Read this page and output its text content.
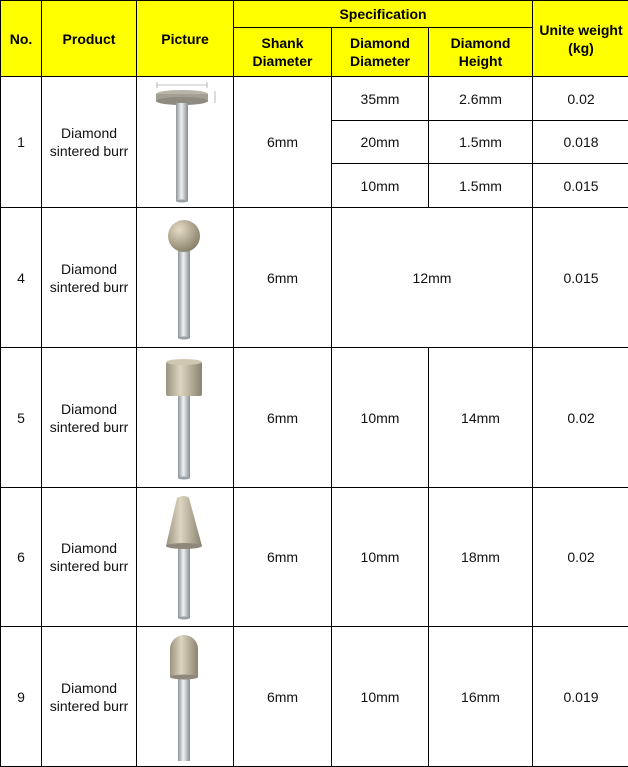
No.	Product	Picture	Specification			Unite weight (kg)
			Shank Diameter	Diamond Diameter	Diamond Height	
1	Diamond
sintered burr		6mm	35mm	2.6mm	0.02
				20mm	1.5mm	0.018
				10mm	1.5mm	0.015
4	Diamond
sintered burr		6mm	12mm		0.015
5	Diamond
sintered burr		6mm	10mm	14mm	0.02
6	Diamond
sintered burr		6mm	10mm	18mm	0.02
9	Diamond
sintered burr		6mm	10mm	16mm	0.019
